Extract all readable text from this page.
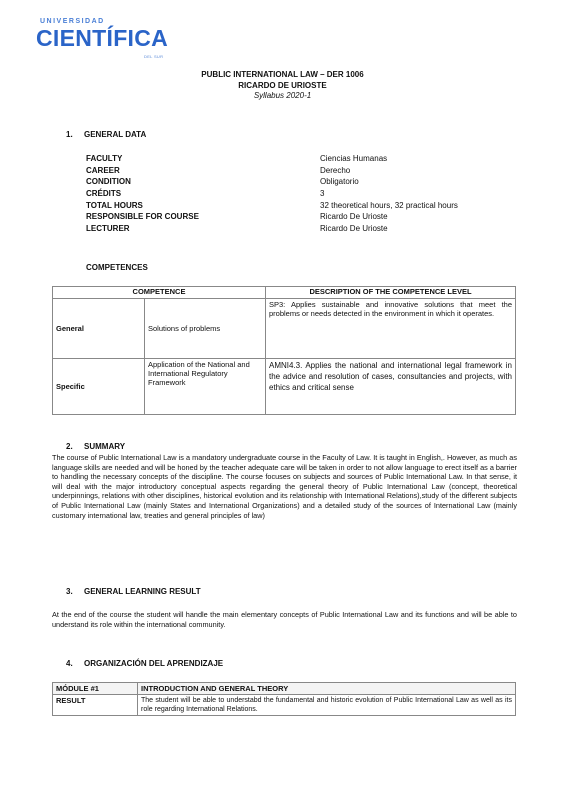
UNIVERSIDAD
CIENTÍFICA
DEL SUR
PUBLIC INTERNATIONAL LAW – DER 1006
RICARDO DE URIOSTE
Syllabus 2020-1
1. GENERAL DATA
FACULTY	Ciencias Humanas
CAREER	Derecho
CONDITION	Obligatorio
CRÉDITS	3
TOTAL HOURS	32 theoretical hours, 32 practical hours
RESPONSIBLE FOR COURSE	Ricardo De Urioste
LECTURER	Ricardo De Urioste
COMPETENCES
COMPETENCE		DESCRIPTION OF THE COMPETENCE LEVEL
General	Solutions of problems	SP3: Applies sustainable and innovative solutions that meet the problems or needs detected in the environment in which it operates.
Specific	Application of the National and International Regulatory Framework	AMNI4.3. Applies the national and international legal framework in the advice and resolution of cases, consultancies and projects, with ethics and critical sense
2. SUMMARY
The course of Public International Law is a mandatory undergraduate course in the Faculty of Law. It is taught in English,. However, as much as language skills are needed and will be honed by the teacher adequate care will be taken in order to not allow language to erect itself as a barrier to handling the necessary concepts of the discipline. The course focuses on subjects and sources of Public International Law. In that sense, it will deal with the major introductory conceptual aspects regarding the general theory of Public International Law (concept, theoretical underpinnings, relations with other disciplines, historical evolution and its relationship with International Relations),study of the different subjects of Public International Law (mainly States and International Organizations) and a detailed study of the sources of International Law (mainly customary international law, treaties and general principles of law)
3. GENERAL LEARNING RESULT
At the end of the course the student will handle the main elementary concepts of Public International Law and its functions and will be able to understand its role within the international community.
4. ORGANIZACIÓN DEL APRENDIZAJE
MÓDULE #1	INTRODUCTION AND GENERAL THEORY
RESULT	The student will be able to understabd the fundamental and historic evolution of Public International Law as well as its role regarding International Relations.
